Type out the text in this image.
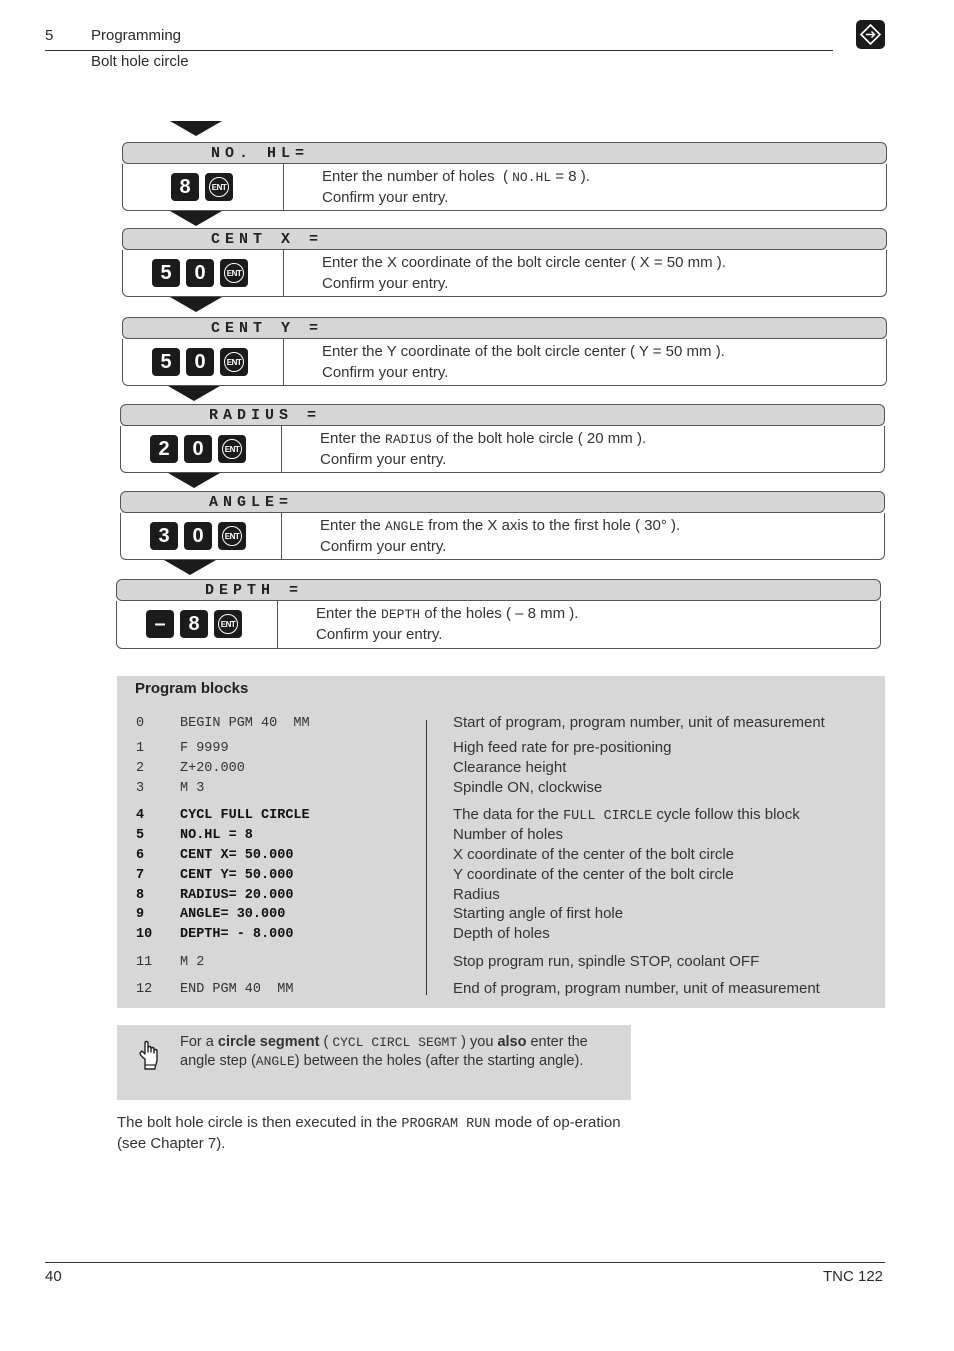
5	Programming
Bolt hole circle
NO. HL=
8	ENT
Enter the number of holes  ( NO.HL = 8 ).
Confirm your entry.
CENT X =
5	0	ENT
Enter the X coordinate of the bolt circle center ( X = 50 mm ).
Confirm your entry.
CENT Y =
5	0	ENT
Enter the Y coordinate of the bolt circle center ( Y = 50 mm ).
Confirm your entry.
RADIUS =
2	0	ENT
Enter the RADIUS of the bolt hole circle ( 20 mm ).
Confirm your entry.
ANGLE=
3	0	ENT
Enter the ANGLE from the X axis to the first hole ( 30° ).
Confirm your entry.
DEPTH =
–	8	ENT
Enter the DEPTH of the holes ( – 8 mm ).
Confirm your entry.
Program blocks
0	BEGIN PGM 40  MM	Start of program, program number, unit of measurement
1	F 9999	High feed rate for pre-positioning
2	Z+20.000	Clearance height
3	M 3	Spindle ON, clockwise
4	CYCL FULL CIRCLE	The data for the FULL CIRCLE cycle follow this block
5	NO.HL = 8	Number of holes
6	CENT X= 50.000	X coordinate of the center of the bolt circle
7	CENT Y= 50.000	Y coordinate of the center of the bolt circle
8	RADIUS= 20.000	Radius
9	ANGLE= 30.000	Starting angle of first hole
10 DEPTH= - 8.000	Depth of holes
11 M 2	Stop program run, spindle STOP, coolant OFF
12 END PGM 40  MM	End of program, program number, unit of measurement
For a circle segment ( CYCL CIRCL SEGMT ) you also enter the angle step (ANGLE) between the holes (after the starting angle).
The bolt hole circle is then executed in the PROGRAM RUN mode of op-eration (see Chapter 7).
40	TNC 122
